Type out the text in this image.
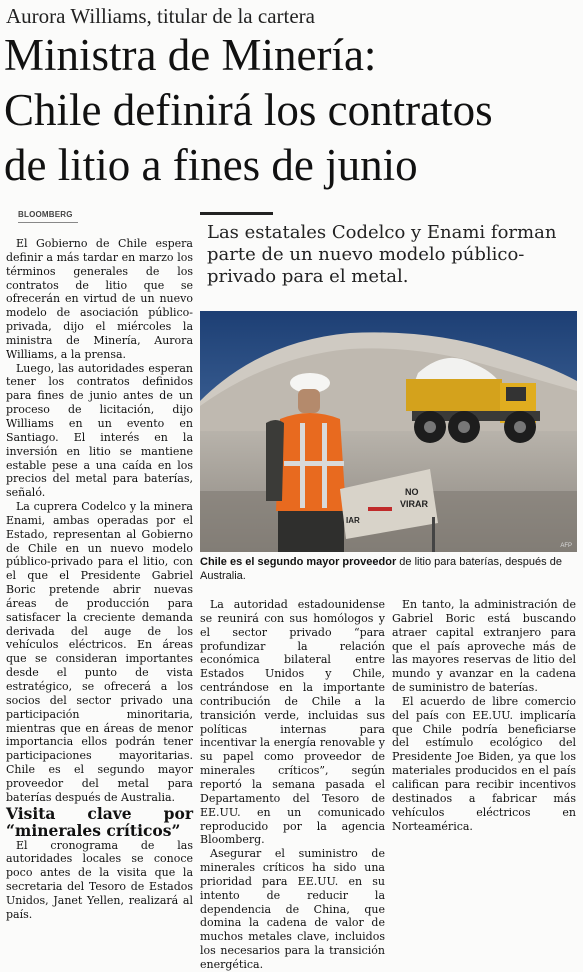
Aurora Williams, titular de la cartera
Ministra de Minería:
Chile definirá los contratos
de litio a fines de junio
BLOOMBERG
Las estatales Codelco y Enami forman parte de un nuevo modelo público-privado para el metal.

El Gobierno de Chile espera definir a más tardar en marzo los términos generales de los contratos de litio que se ofrecerán en virtud de un nuevo modelo de asociación público-privada, dijo el miércoles la ministra de Minería, Aurora Williams, a la prensa.

Luego, las autoridades esperan tener los contratos definidos para fines de junio antes de un proceso de licitación, dijo Williams en un evento en Santiago. El interés en la inversión en litio se mantiene estable pese a una caída en los precios del metal para baterías, señaló.

La cuprera Codelco y la minera Enami, ambas operadas por el Estado, representan al Gobierno de Chile en un nuevo modelo público-privado para el litio, con el que el Presidente Gabriel Boric pretende abrir nuevas áreas de producción para satisfacer la creciente demanda derivada del auge de los vehículos eléctricos. En áreas que se consideran importantes desde el punto de vista estratégico, se ofrecerá a los socios del sector privado una participación minoritaria, mientras que en áreas de menor importancia ellos podrán tener participaciones mayoritarias. Chile es el segundo mayor proveedor del metal para baterías después de Australia.

Visita clave por “minerales críticos”

El cronograma de las autoridades locales se conoce poco antes de la visita que la secretaria del Tesoro de Estados Unidos, Janet Yellen, realizará al país.

NO
VIRAR
IAR
AFP
Chile es el segundo mayor proveedor de litio para baterías, después de Australia.

La autoridad estadounidense se reunirá con sus homólogos y el sector privado “para profundizar la relación económica bilateral entre Estados Unidos y Chile, centrándose en la importante contribución de Chile a la transición verde, incluidas sus políticas internas para incentivar la energía renovable y su papel como proveedor de minerales críticos”, según reportó la semana pasada el Departamento del Tesoro de EE.UU. en un comunicado reproducido por la agencia Bloomberg.

Asegurar el suministro de minerales críticos ha sido una prioridad para EE.UU. en su intento de reducir la dependencia de China, que domina la cadena de valor de muchos metales clave, incluidos los necesarios para la transición energética.

En tanto, la administración de Gabriel Boric está buscando atraer capital extranjero para que el país aproveche más de las mayores reservas de litio del mundo y avanzar en la cadena de suministro de baterías.

El acuerdo de libre comercio del país con EE.UU. implicaría que Chile podría beneficiarse del estímulo ecológico del Presidente Joe Biden, ya que los materiales producidos en el país califican para recibir incentivos destinados a fabricar más vehículos eléctricos en Norteamérica.
